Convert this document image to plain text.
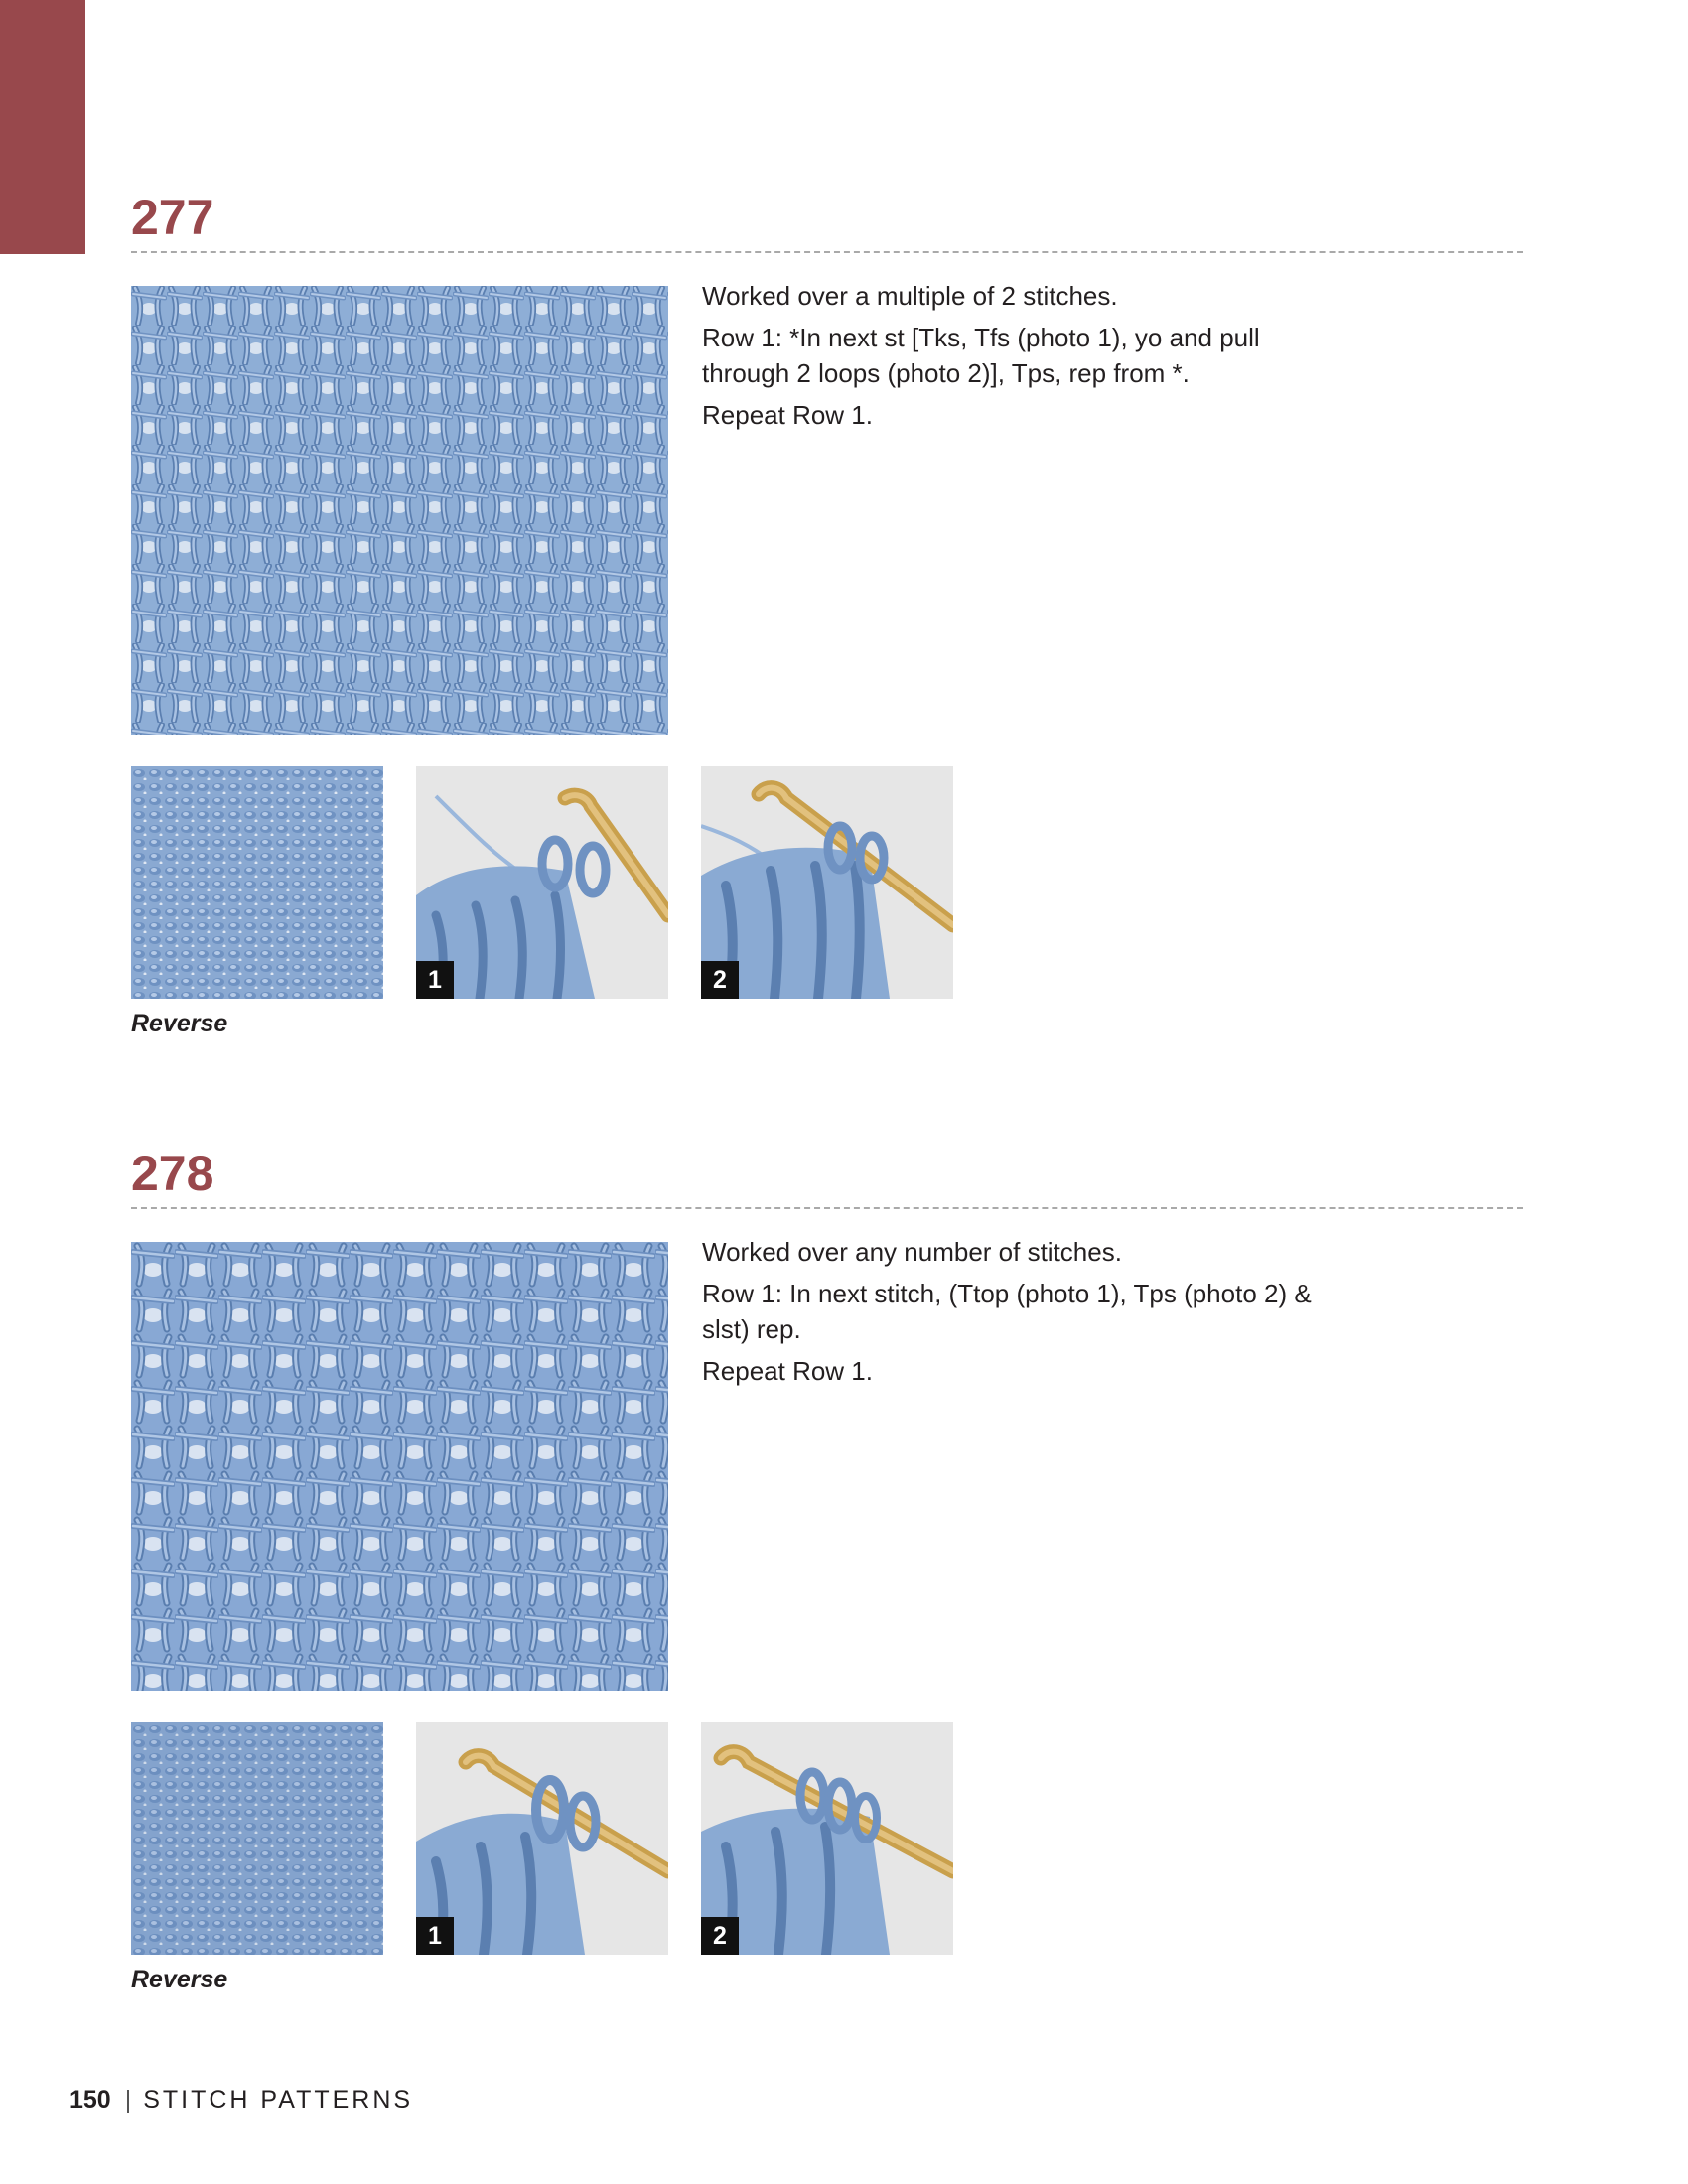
277

Worked over a multiple of 2 stitches.

Row 1: *In next st [Tks, Tfs (photo 1), yo and pull through 2 loops (photo 2)], Tps, rep from *.

Repeat Row 1.

1	2

Reverse

278

Worked over any number of stitches.

Row 1: In next stitch, (Ttop (photo 1), Tps (photo 2) & slst) rep.

Repeat Row 1.

1	2

Reverse

150 | STITCH PATTERNS
